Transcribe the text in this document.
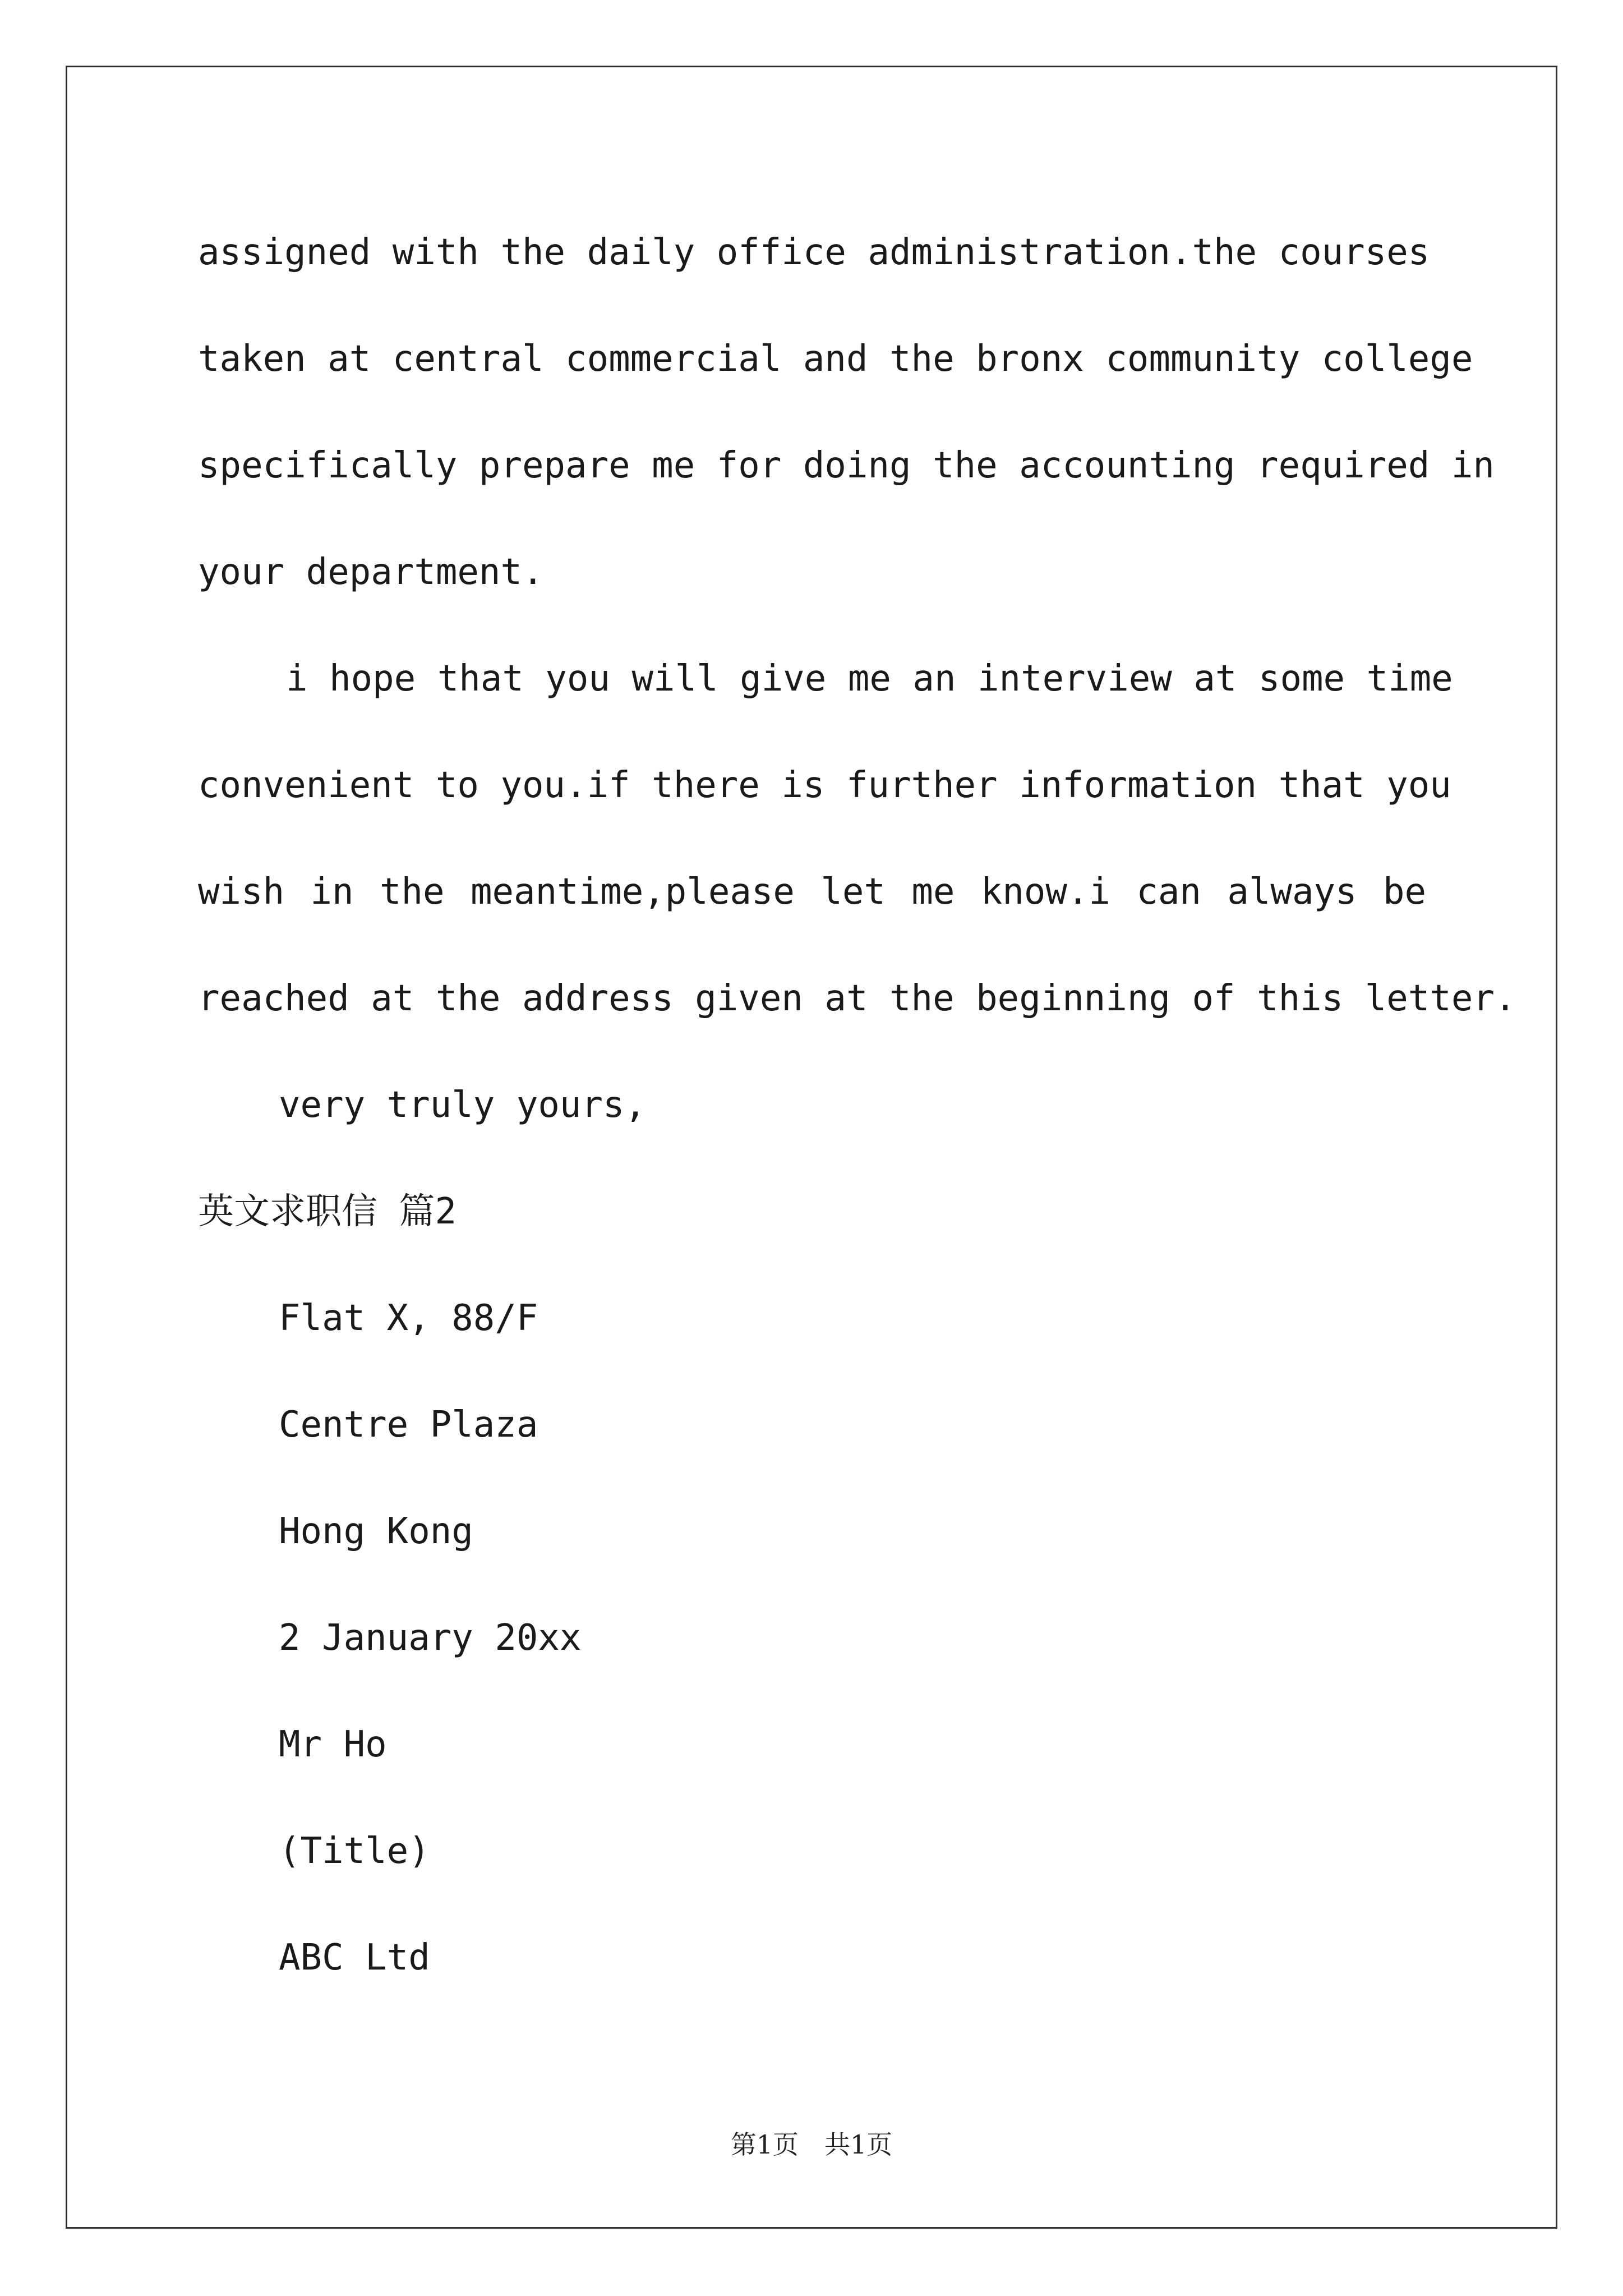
assigned with the daily office administration.the courses
taken at central commercial and the bronx community college
specifically prepare me for doing the accounting required in
your department.
i hope that you will give me an interview at some time
convenient to you.if there is further information that you
wish in the meantime,please let me know.i can always be
reached at the address given at the beginning of this letter.
very truly yours,
英文求职信 篇2
Flat X, 88/F
Centre Plaza
Hong Kong
2 January 20xx
Mr Ho
(Title)
ABC Ltd
第1页 共1页
